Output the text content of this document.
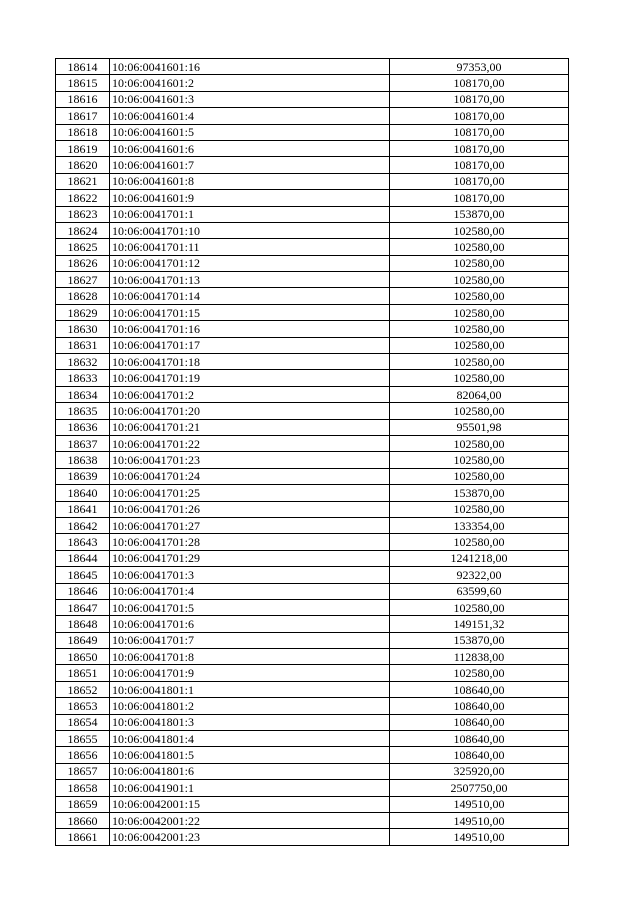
18614	10:06:0041601:16	97353,00
18615	10:06:0041601:2	108170,00
18616	10:06:0041601:3	108170,00
18617	10:06:0041601:4	108170,00
18618	10:06:0041601:5	108170,00
18619	10:06:0041601:6	108170,00
18620	10:06:0041601:7	108170,00
18621	10:06:0041601:8	108170,00
18622	10:06:0041601:9	108170,00
18623	10:06:0041701:1	153870,00
18624	10:06:0041701:10	102580,00
18625	10:06:0041701:11	102580,00
18626	10:06:0041701:12	102580,00
18627	10:06:0041701:13	102580,00
18628	10:06:0041701:14	102580,00
18629	10:06:0041701:15	102580,00
18630	10:06:0041701:16	102580,00
18631	10:06:0041701:17	102580,00
18632	10:06:0041701:18	102580,00
18633	10:06:0041701:19	102580,00
18634	10:06:0041701:2	82064,00
18635	10:06:0041701:20	102580,00
18636	10:06:0041701:21	95501,98
18637	10:06:0041701:22	102580,00
18638	10:06:0041701:23	102580,00
18639	10:06:0041701:24	102580,00
18640	10:06:0041701:25	153870,00
18641	10:06:0041701:26	102580,00
18642	10:06:0041701:27	133354,00
18643	10:06:0041701:28	102580,00
18644	10:06:0041701:29	1241218,00
18645	10:06:0041701:3	92322,00
18646	10:06:0041701:4	63599,60
18647	10:06:0041701:5	102580,00
18648	10:06:0041701:6	149151,32
18649	10:06:0041701:7	153870,00
18650	10:06:0041701:8	112838,00
18651	10:06:0041701:9	102580,00
18652	10:06:0041801:1	108640,00
18653	10:06:0041801:2	108640,00
18654	10:06:0041801:3	108640,00
18655	10:06:0041801:4	108640,00
18656	10:06:0041801:5	108640,00
18657	10:06:0041801:6	325920,00
18658	10:06:0041901:1	2507750,00
18659	10:06:0042001:15	149510,00
18660	10:06:0042001:22	149510,00
18661	10:06:0042001:23	149510,00
